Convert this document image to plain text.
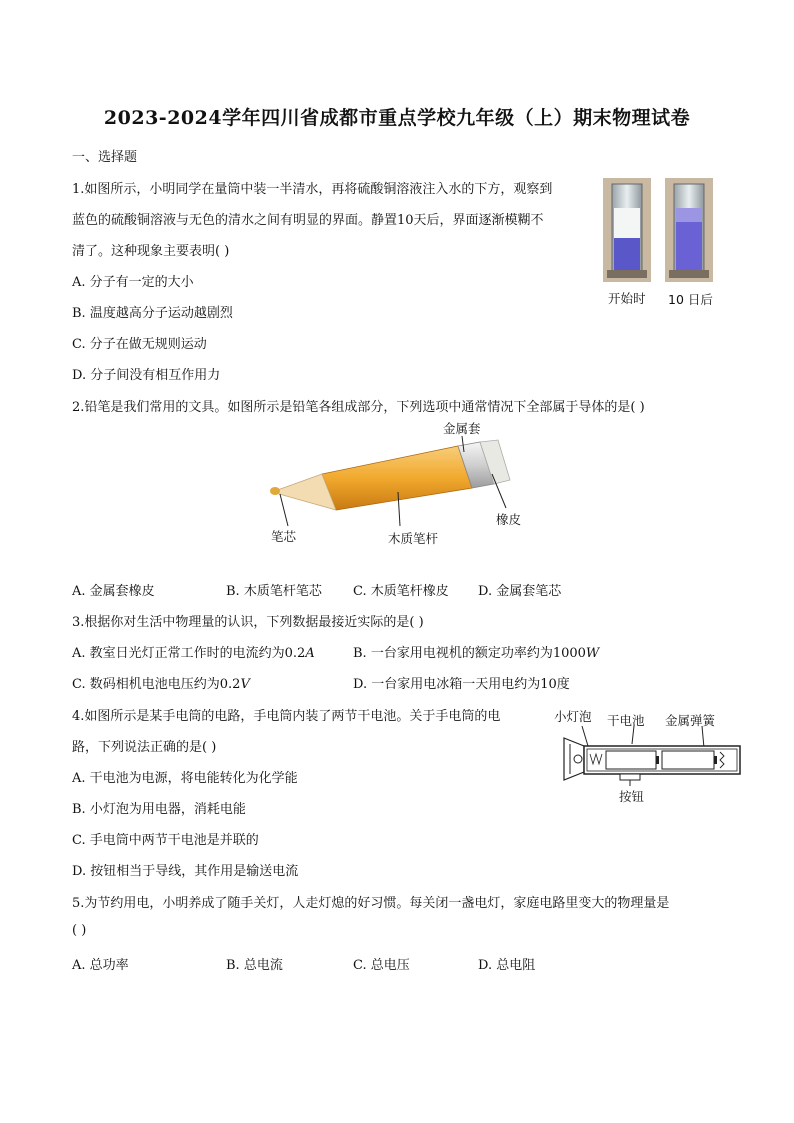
2023-2024学年四川省成都市重点学校九年级（上）期末物理试卷
一、选择题
1.如图所示，小明同学在量筒中装一半清水，再将硫酸铜溶液注入水的下方，观察到
蓝色的硫酸铜溶液与无色的清水之间有明显的界面。静置10天后，界面逐渐模糊不
清了。这种现象主要表明( )
A. 分子有一定的大小
B. 温度越高分子运动越剧烈
C. 分子在做无规则运动
D. 分子间没有相互作用力
开始时 10 日后
2.铅笔是我们常用的文具。如图所示是铅笔各组成部分，下列选项中通常情况下全部属于导体的是( )
金属套
橡皮
笔芯	木质笔杆
A. 金属套橡皮	B. 木质笔杆笔芯 C. 木质笔杆橡皮 D. 金属套笔芯
3.根据你对生活中物理量的认识，下列数据最接近实际的是( )
A. 教室日光灯正常工作时的电流约为0.2A	B. 一台家用电视机的额定功率约为1000W
C. 数码相机电池电压约为0.2V	D. 一台家用电冰箱一天用电约为10度
4.如图所示是某手电筒的电路，手电筒内装了两节干电池。关于手电筒的电
路，下列说法正确的是( )
A. 干电池为电源，将电能转化为化学能
B. 小灯泡为用电器，消耗电能
C. 手电筒中两节干电池是并联的
D. 按钮相当于导线，其作用是输送电流
小灯泡 干电池 金属弹簧
按钮
5.为节约用电，小明养成了随手关灯，人走灯熄的好习惯。每关闭一盏电灯，家庭电路里变大的物理量是
( )
A. 总功率	B. 总电流	C. 总电压	D. 总电阻
